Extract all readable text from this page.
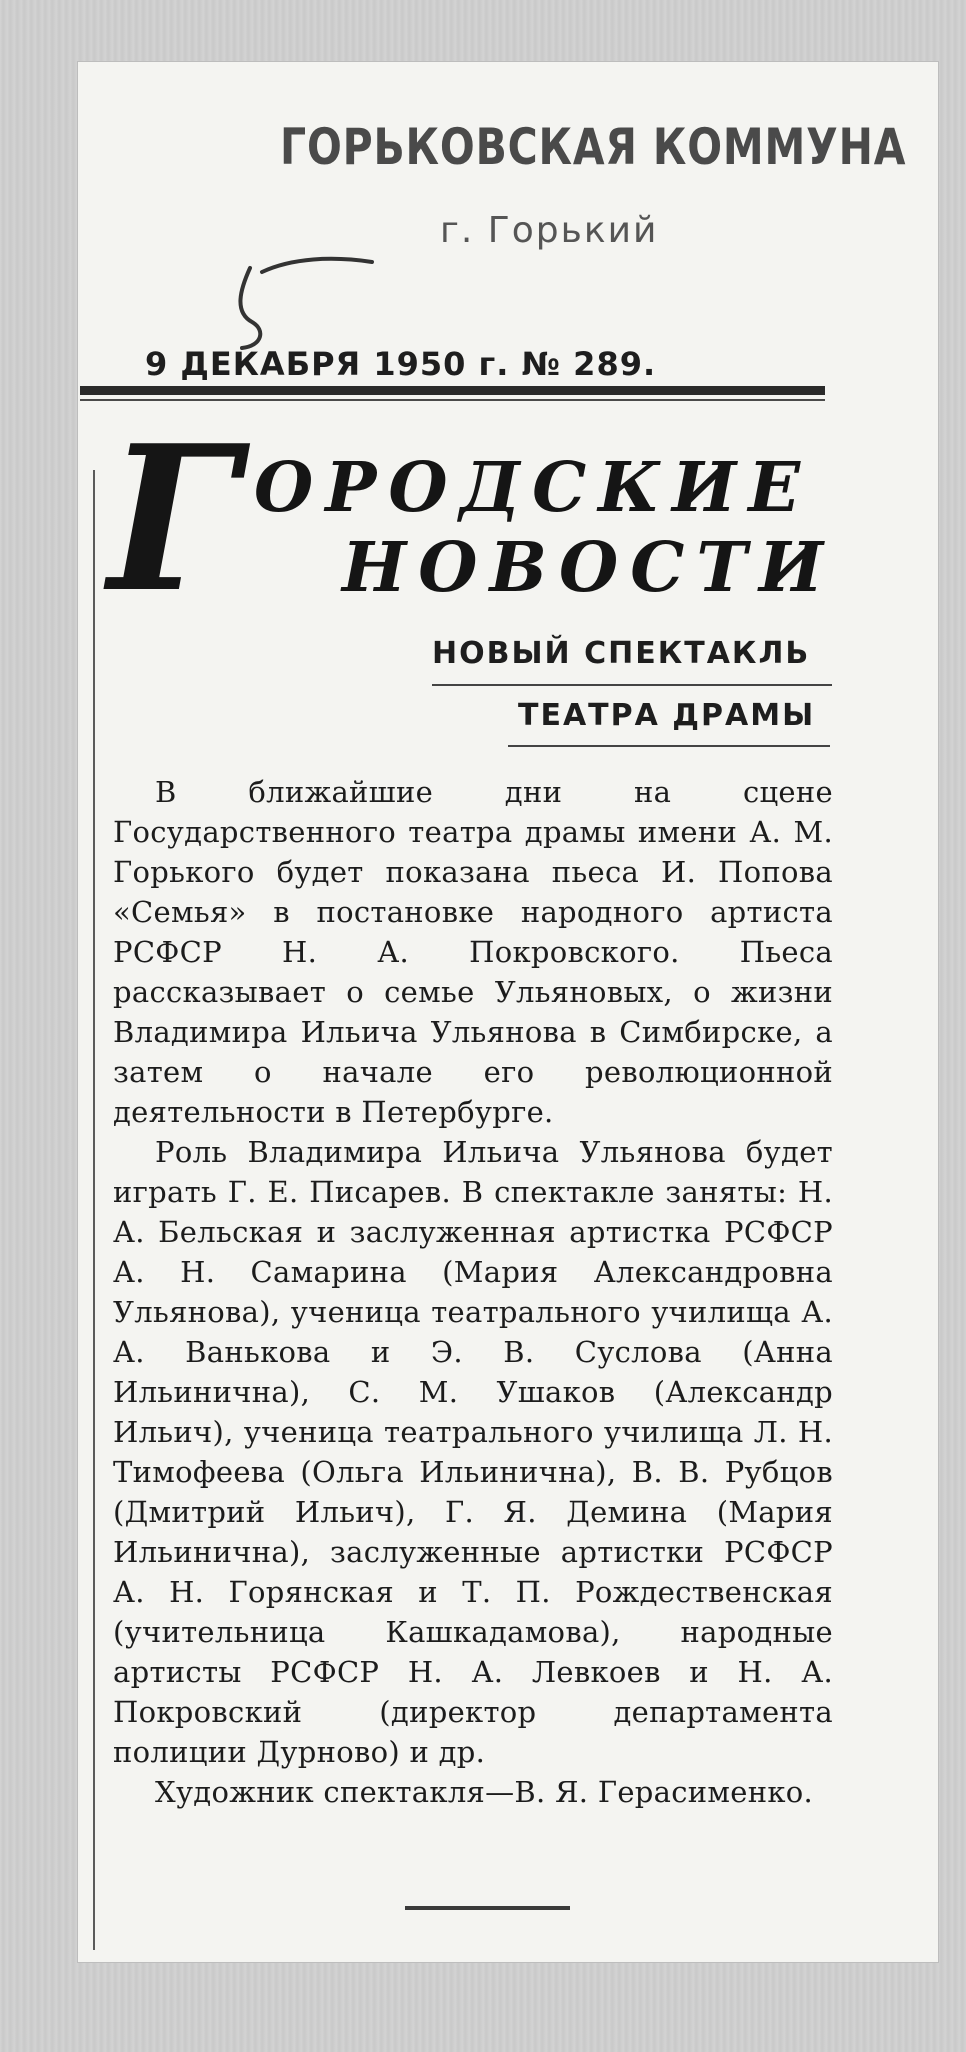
ГОРЬКОВСКАЯ КОММУНА
г. Горький
9 ДЕКАБРЯ 1950 г. № 289.
Г ОРОДСКИЕ
НОВОСТИ
НОВЫЙ СПЕКТАКЛЬ
ТЕАТРА ДРАМЫ

В ближайшие дни на сцене Государственного театра драмы имени А. М. Горького будет показана пьеса И. Попова «Семья» в постановке народного артиста РСФСР Н. А. Покровского. Пьеса рассказывает о семье Ульяновых, о жизни Владимира Ильича Ульянова в Симбирске, а затем о начале его революционной деятельности в Петербурге.

Роль Владимира Ильича Ульянова будет играть Г. Е. Писарев. В спектакле заняты: Н. А. Бельская и заслуженная артистка РСФСР А. Н. Самарина (Мария Александровна Ульянова), ученица театрального училища А. А. Ванькова и Э. В. Суслова (Анна Ильинична), С. М. Ушаков (Александр Ильич), ученица театрального училища Л. Н. Тимофеева (Ольга Ильинична), В. В. Рубцов (Дмитрий Ильич), Г. Я. Демина (Мария Ильинична), заслуженные артистки РСФСР А. Н. Горянская и Т. П. Рождественская (учительница Кашкадамова), народные артисты РСФСР Н. А. Левкоев и Н. А. Покровский (директор департамента полиции Дурново) и др.

Художник спектакля—В. Я. Герасименко.
